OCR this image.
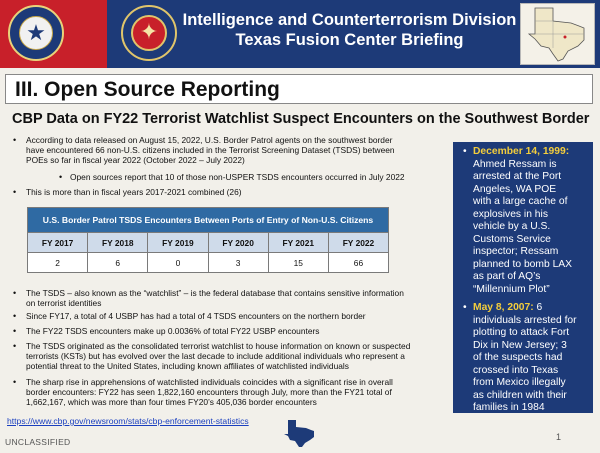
★	✦	Intelligence and Counterterrorism Division
Texas Fusion Center Briefing
III. Open Source Reporting
CBP Data on FY22 Terrorist Watchlist Suspect Encounters on the Southwest Border
• According to data released on August 15, 2022, U.S. Border Patrol agents on the southwest border
have encountered 66 non-U.S. citizens included in the Terrorist Screening Dataset (TSDS) between
POEs so far in fiscal year 2022 (October 2022 – July 2022)
• Open sources report that 10 of those non-USPER TSDS encounters occurred in July 2022
• This is more than in fiscal years 2017-2021 combined (26)
U.S. Border Patrol TSDS Encounters Between Ports of Entry of Non-U.S. Citizens
FY 2017	FY 2018	FY 2019	FY 2020	FY 2021	FY 2022
2	6	0	3	15	66
• The TSDS – also known as the “watchlist” – is the federal database that contains sensitive information
on terrorist identities
• Since FY17, a total of 4 USBP has had a total of 4 TSDS encounters on the northern border
• The FY22 TSDS encounters make up 0.0036% of total FY22 USBP encounters
• The TSDS originated as the consolidated terrorist watchlist to house information on known or suspected
terrorists (KSTs) but has evolved over the last decade to include additional individuals who represent a
potential threat to the United States, including known affiliates of watchlisted individuals
• The sharp rise in apprehensions of watchlisted individuals coincides with a significant rise in overall
border encounters: FY22 has seen 1,822,160 encounters through July, more than the FY21 total of
1,662,167, which was more than four times FY20’s 405,036 border encounters
https://www.cbp.gov/newsroom/stats/cbp-enforcement-statistics
• December 14, 1999:
Ahmed Ressam is
arrested at the Port
Angeles, WA POE
with a large cache of
explosives in his
vehicle by a U.S.
Customs Service
inspector; Ressam
planned to bomb LAX
as part of AQ’s
“Millennium Plot”
• May 8, 2007: 6
individuals arrested for
plotting to attack Fort
Dix in New Jersey; 3
of the suspects had
crossed into Texas
from Mexico illegally
as children with their
families in 1984
UNCLASSIFIED	1
